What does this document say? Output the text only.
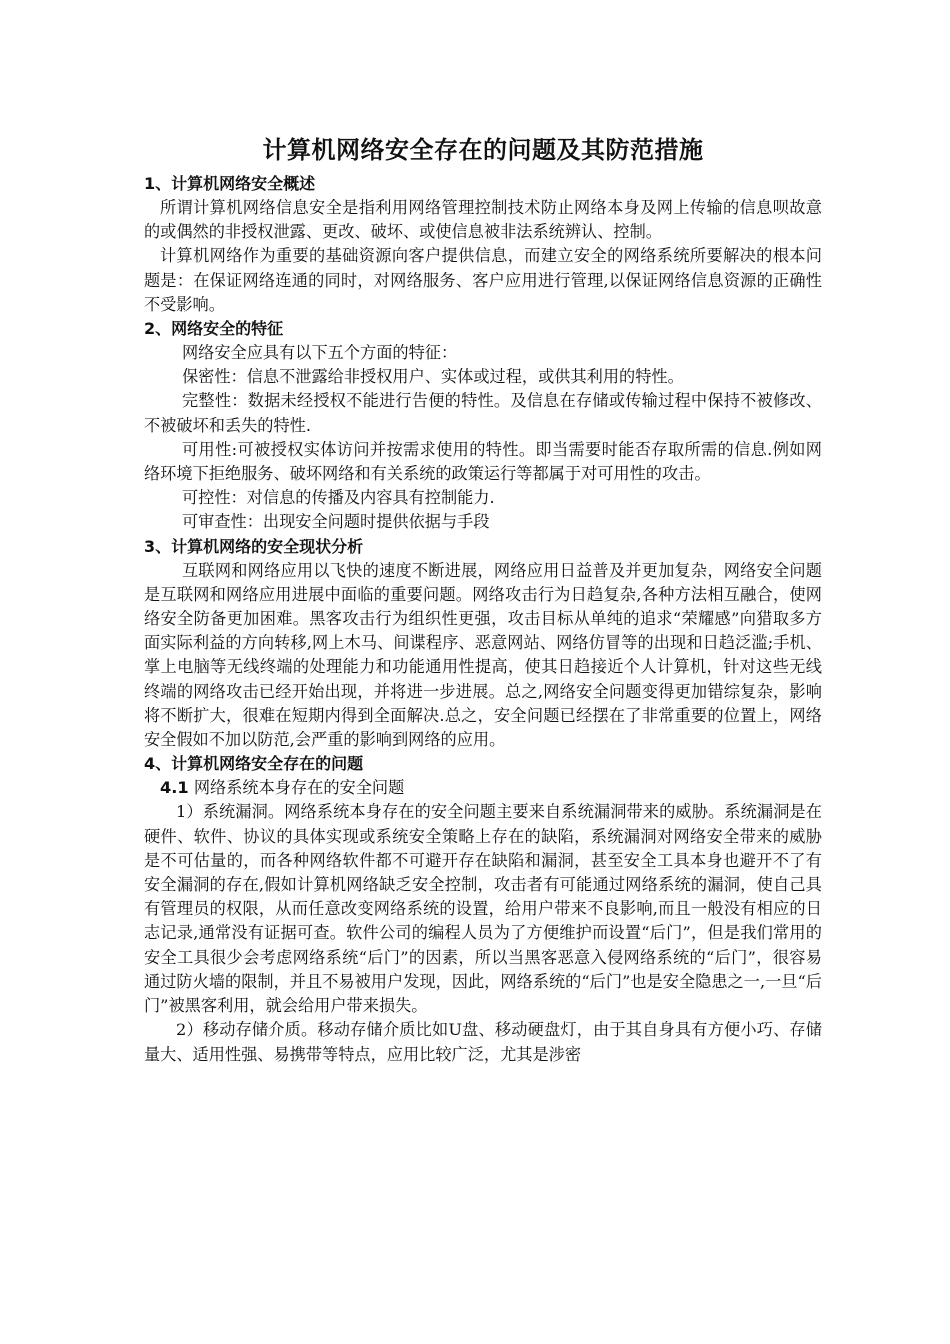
计算机网络安全存在的问题及其防范措施
1、计算机网络安全概述

所谓计算机网络信息安全是指利用网络管理控制技术防止网络本身及网上传输的信息呗故意的或偶然的非授权泄露、更改、破坏、或使信息被非法系统辨认、控制。

计算机网络作为重要的基础资源向客户提供信息，而建立安全的网络系统所要解决的根本问题是：在保证网络连通的同时，对网络服务、客户应用进行管理,以保证网络信息资源的正确性不受影响。

2、网络安全的特征

网络安全应具有以下五个方面的特征：

保密性：信息不泄露给非授权用户、实体或过程，或供其利用的特性。

完整性：数据未经授权不能进行告便的特性。及信息在存储或传输过程中保持不被修改、不被破坏和丢失的特性.

可用性:可被授权实体访问并按需求使用的特性。即当需要时能否存取所需的信息.例如网络环境下拒绝服务、破坏网络和有关系统的政策运行等都属于对可用性的攻击。

可控性：对信息的传播及内容具有控制能力.

可审查性：出现安全问题时提供依据与手段

3、计算机网络的安全现状分析

互联网和网络应用以飞快的速度不断进展，网络应用日益普及并更加复杂，网络安全问题是互联网和网络应用进展中面临的重要问题。网络攻击行为日趋复杂,各种方法相互融合，使网络安全防备更加困难。黑客攻击行为组织性更强，攻击目标从单纯的追求“荣耀感”向猎取多方面实际利益的方向转移,网上木马、间谍程序、恶意网站、网络仿冒等的出现和日趋泛滥;手机、掌上电脑等无线终端的处理能力和功能通用性提高，使其日趋接近个人计算机，针对这些无线终端的网络攻击已经开始出现，并将进一步进展。总之,网络安全问题变得更加错综复杂，影响将不断扩大，很难在短期内得到全面解决.总之，安全问题已经摆在了非常重要的位置上，网络安全假如不加以防范,会严重的影响到网络的应用。

4、计算机网络安全存在的问题
4.1 网络系统本身存在的安全问题

1）系统漏洞。网络系统本身存在的安全问题主要来自系统漏洞带来的威胁。系统漏洞是在硬件、软件、协议的具体实现或系统安全策略上存在的缺陷，系统漏洞对网络安全带来的威胁是不可估量的，而各种网络软件都不可避开存在缺陷和漏洞，甚至安全工具本身也避开不了有安全漏洞的存在,假如计算机网络缺乏安全控制，攻击者有可能通过网络系统的漏洞，使自己具有管理员的权限，从而任意改变网络系统的设置，给用户带来不良影响,而且一般没有相应的日志记录,通常没有证据可查。软件公司的编程人员为了方便维护而设置“后门”，但是我们常用的安全工具很少会考虑网络系统“后门”的因素，所以当黑客恶意入侵网络系统的“后门”，很容易通过防火墙的限制，并且不易被用户发现，因此，网络系统的“后门”也是安全隐患之一,一旦“后门”被黑客利用，就会给用户带来损失。

2）移动存储介质。移动存储介质比如U盘、移动硬盘灯，由于其自身具有方便小巧、存储量大、适用性强、易携带等特点，应用比较广泛，尤其是涉密
